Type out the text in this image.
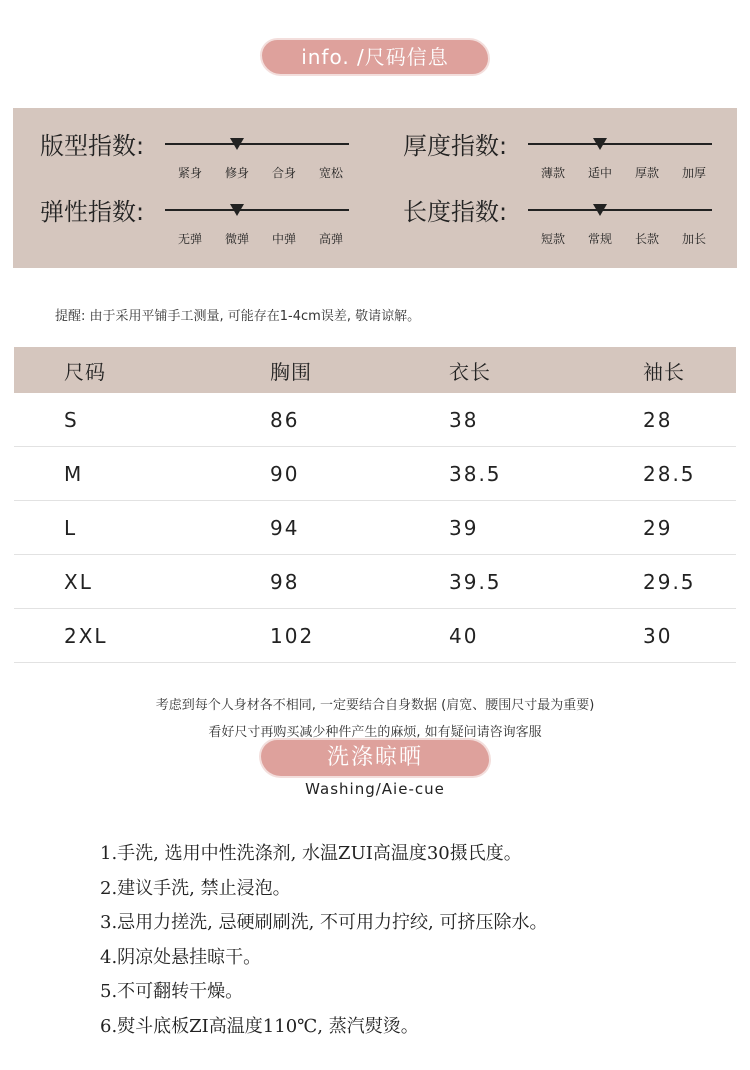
info. /尺码信息
版型指数:
紧身 修身 合身 宽松
厚度指数:
薄款 适中 厚款 加厚
弹性指数:
无弹 微弹 中弹 高弹
长度指数:
短款 常规 长款 加长
提醒: 由于采用平铺手工测量, 可能存在1-4cm误差, 敬请谅解。
尺码	胸围	衣长	袖长
S	86	38	28
M	90	38.5	28.5
L	94	39	29
XL	98	39.5	29.5
2XL	102	40	30
考虑到每个人身材各不相同, 一定要结合自身数据 (肩宽、腰围尺寸最为重要)
看好尺寸再购买减少种件产生的麻烦, 如有疑问请咨询客服
洗涤晾晒
Washing/Aie-cue
1.手洗, 选用中性洗涤剂, 水温ZUI高温度30摄氏度。
2.建议手洗, 禁止浸泡。
3.忌用力搓洗, 忌硬刷刷洗, 不可用力拧绞, 可挤压除水。
4.阴凉处悬挂晾干。
5.不可翻转干燥。
6.熨斗底板ZI高温度110℃, 蒸汽熨烫。
